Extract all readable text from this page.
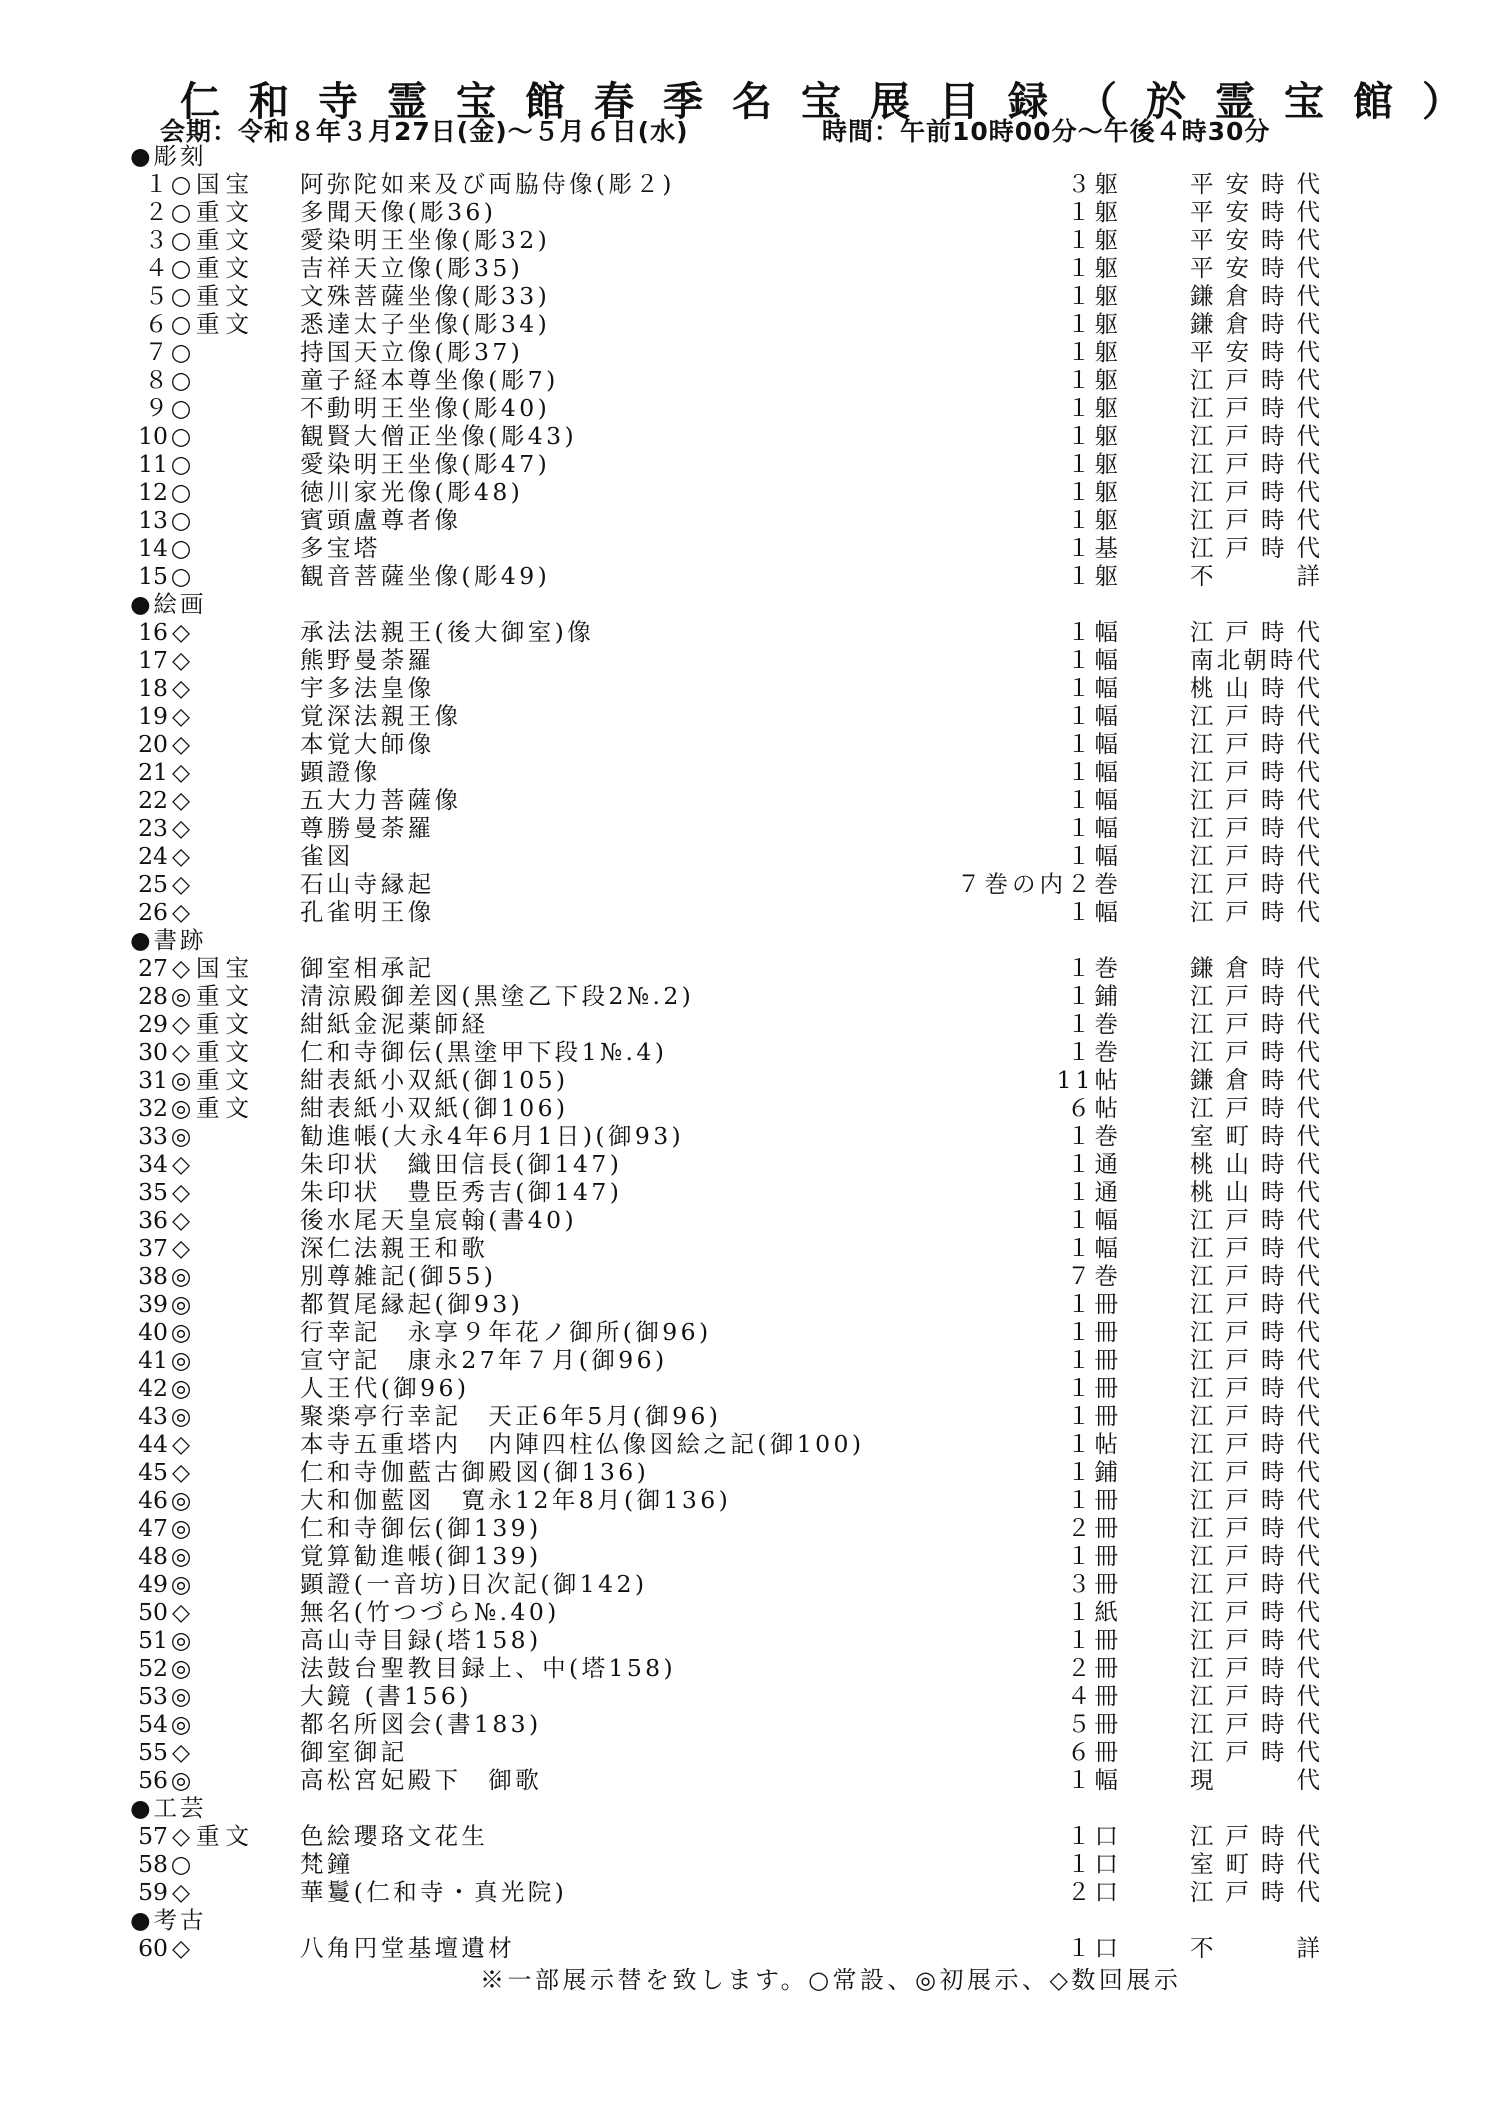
仁和寺霊宝館春季名宝展目録（於霊宝館）
会期：令和８年３月27日(金)～５月６日(水)	時間：午前10時00分～午後４時30分
●彫刻
１ ○ 国宝 阿弥陀如来及び両脇侍像(彫２)	３躯	平安時代
２ ○ 重文 多聞天像(彫36)	１躯	平安時代
３ ○ 重文 愛染明王坐像(彫32)	１躯	平安時代
４ ○ 重文 吉祥天立像(彫35)	１躯	平安時代
５ ○ 重文 文殊菩薩坐像(彫33)	１躯	鎌倉時代
６ ○ 重文 悉達太子坐像(彫34)	１躯	鎌倉時代
７ ○	持国天立像(彫37)	１躯	平安時代
８ ○	童子経本尊坐像(彫7)	１躯	江戸時代
９ ○	不動明王坐像(彫40)	１躯	江戸時代
10 ○	観賢大僧正坐像(彫43)	１躯	江戸時代
11 ○	愛染明王坐像(彫47)	１躯	江戸時代
12 ○	徳川家光像(彫48)	１躯	江戸時代
13 ○	賓頭盧尊者像	１躯	江戸時代
14 ○	多宝塔	１基	江戸時代
15 ○	観音菩薩坐像(彫49)	１躯	不詳
●絵画
16 ◇	承法法親王(後大御室)像	１幅	江戸時代
17 ◇	熊野曼荼羅	１幅	南北朝時代
18 ◇	宇多法皇像	１幅	桃山時代
19 ◇	覚深法親王像	１幅	江戸時代
20 ◇	本覚大師像	１幅	江戸時代
21 ◇	顕證像	１幅	江戸時代
22 ◇	五大力菩薩像	１幅	江戸時代
23 ◇	尊勝曼荼羅	１幅	江戸時代
24 ◇	雀図	１幅	江戸時代
25 ◇	石山寺縁起	７巻の内２巻	江戸時代
26 ◇	孔雀明王像	１幅	江戸時代
●書跡
27 ◇ 国宝 御室相承記	１巻	鎌倉時代
28 ◎ 重文 清涼殿御差図(黒塗乙下段2№.2)	１鋪	江戸時代
29 ◇ 重文 紺紙金泥薬師経	１巻	江戸時代
30 ◇ 重文 仁和寺御伝(黒塗甲下段1№.4)	１巻	江戸時代
31 ◎ 重文 紺表紙小双紙(御105)	11帖	鎌倉時代
32 ◎ 重文 紺表紙小双紙(御106)	６帖	江戸時代
33 ◎	勧進帳(大永4年6月1日)(御93)	１巻	室町時代
34 ◇	朱印状　織田信長(御147)	１通	桃山時代
35 ◇	朱印状　豊臣秀吉(御147)	１通	桃山時代
36 ◇	後水尾天皇宸翰(書40)	１幅	江戸時代
37 ◇	深仁法親王和歌	１幅	江戸時代
38 ◎	別尊雑記(御55)	７巻	江戸時代
39 ◎	都賀尾縁起(御93)	１冊	江戸時代
40 ◎	行幸記　永享９年花ノ御所(御96)	１冊	江戸時代
41 ◎	宣守記　康永27年７月(御96)	１冊	江戸時代
42 ◎	人王代(御96)	１冊	江戸時代
43 ◎	聚楽亭行幸記　天正6年5月(御96)	１冊	江戸時代
44 ◇	本寺五重塔内　内陣四柱仏像図絵之記(御100)	１帖	江戸時代
45 ◇	仁和寺伽藍古御殿図(御136)	１鋪	江戸時代
46 ◎	大和伽藍図　寛永12年8月(御136)	１冊	江戸時代
47 ◎	仁和寺御伝(御139)	２冊	江戸時代
48 ◎	覚算勧進帳(御139)	１冊	江戸時代
49 ◎	顕證(一音坊)日次記(御142)	３冊	江戸時代
50 ◇	無名(竹つづら№.40)	１紙	江戸時代
51 ◎	高山寺目録(塔158)	１冊	江戸時代
52 ◎	法鼓台聖教目録上、中(塔158)	２冊	江戸時代
53 ◎	大鏡 (書156)	４冊	江戸時代
54 ◎	都名所図会(書183)	５冊	江戸時代
55 ◇	御室御記	６冊	江戸時代
56 ◎	高松宮妃殿下　御歌	１幅	現代
●工芸
57 ◇ 重文 色絵瓔珞文花生	１口	江戸時代
58 ○	梵鐘	１口	室町時代
59 ◇	華鬘(仁和寺・真光院)	２口	江戸時代
●考古
60 ◇	八角円堂基壇遺材	１口	不詳
※一部展示替を致します。○常設、◎初展示、◇数回展示
